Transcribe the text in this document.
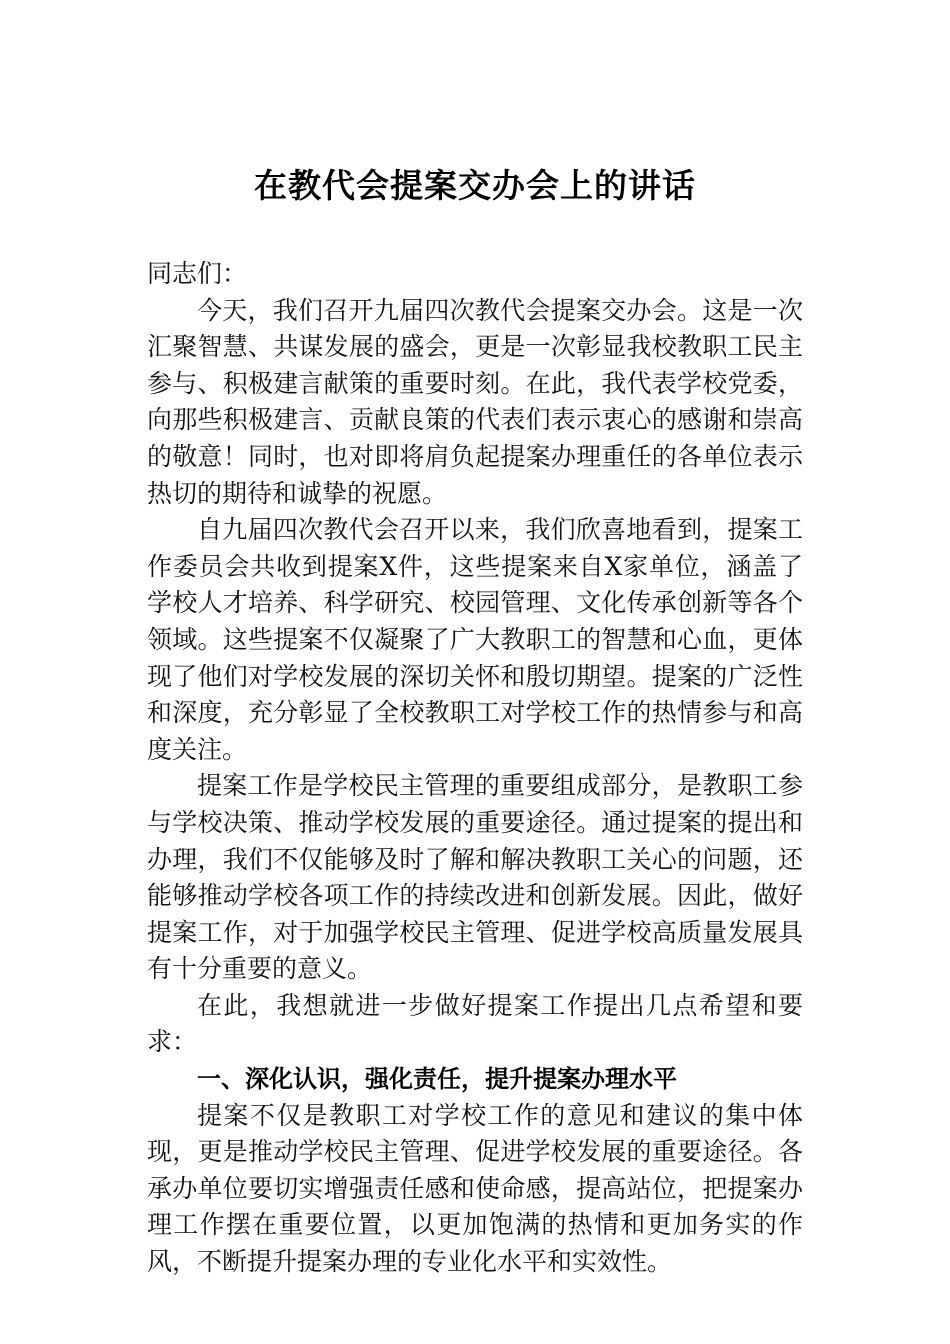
在教代会提案交办会上的讲话

同志们：

今天，我们召开九届四次教代会提案交办会。这是一次汇聚智慧、共谋发展的盛会，更是一次彰显我校教职工民主参与、积极建言献策的重要时刻。在此，我代表学校党委，向那些积极建言、贡献良策的代表们表示衷心的感谢和崇高的敬意！同时，也对即将肩负起提案办理重任的各单位表示热切的期待和诚挚的祝愿。

自九届四次教代会召开以来，我们欣喜地看到，提案工作委员会共收到提案X件，这些提案来自X家单位，涵盖了学校人才培养、科学研究、校园管理、文化传承创新等各个领域。这些提案不仅凝聚了广大教职工的智慧和心血，更体现了他们对学校发展的深切关怀和殷切期望。提案的广泛性和深度，充分彰显了全校教职工对学校工作的热情参与和高度关注。

提案工作是学校民主管理的重要组成部分，是教职工参与学校决策、推动学校发展的重要途径。通过提案的提出和办理，我们不仅能够及时了解和解决教职工关心的问题，还能够推动学校各项工作的持续改进和创新发展。因此，做好提案工作，对于加强学校民主管理、促进学校高质量发展具有十分重要的意义。

在此，我想就进一步做好提案工作提出几点希望和要求：

一、深化认识，强化责任，提升提案办理水平

提案不仅是教职工对学校工作的意见和建议的集中体现，更是推动学校民主管理、促进学校发展的重要途径。各承办单位要切实增强责任感和使命感，提高站位，把提案办理工作摆在重要位置，以更加饱满的热情和更加务实的作风，不断提升提案办理的专业化水平和实效性。
